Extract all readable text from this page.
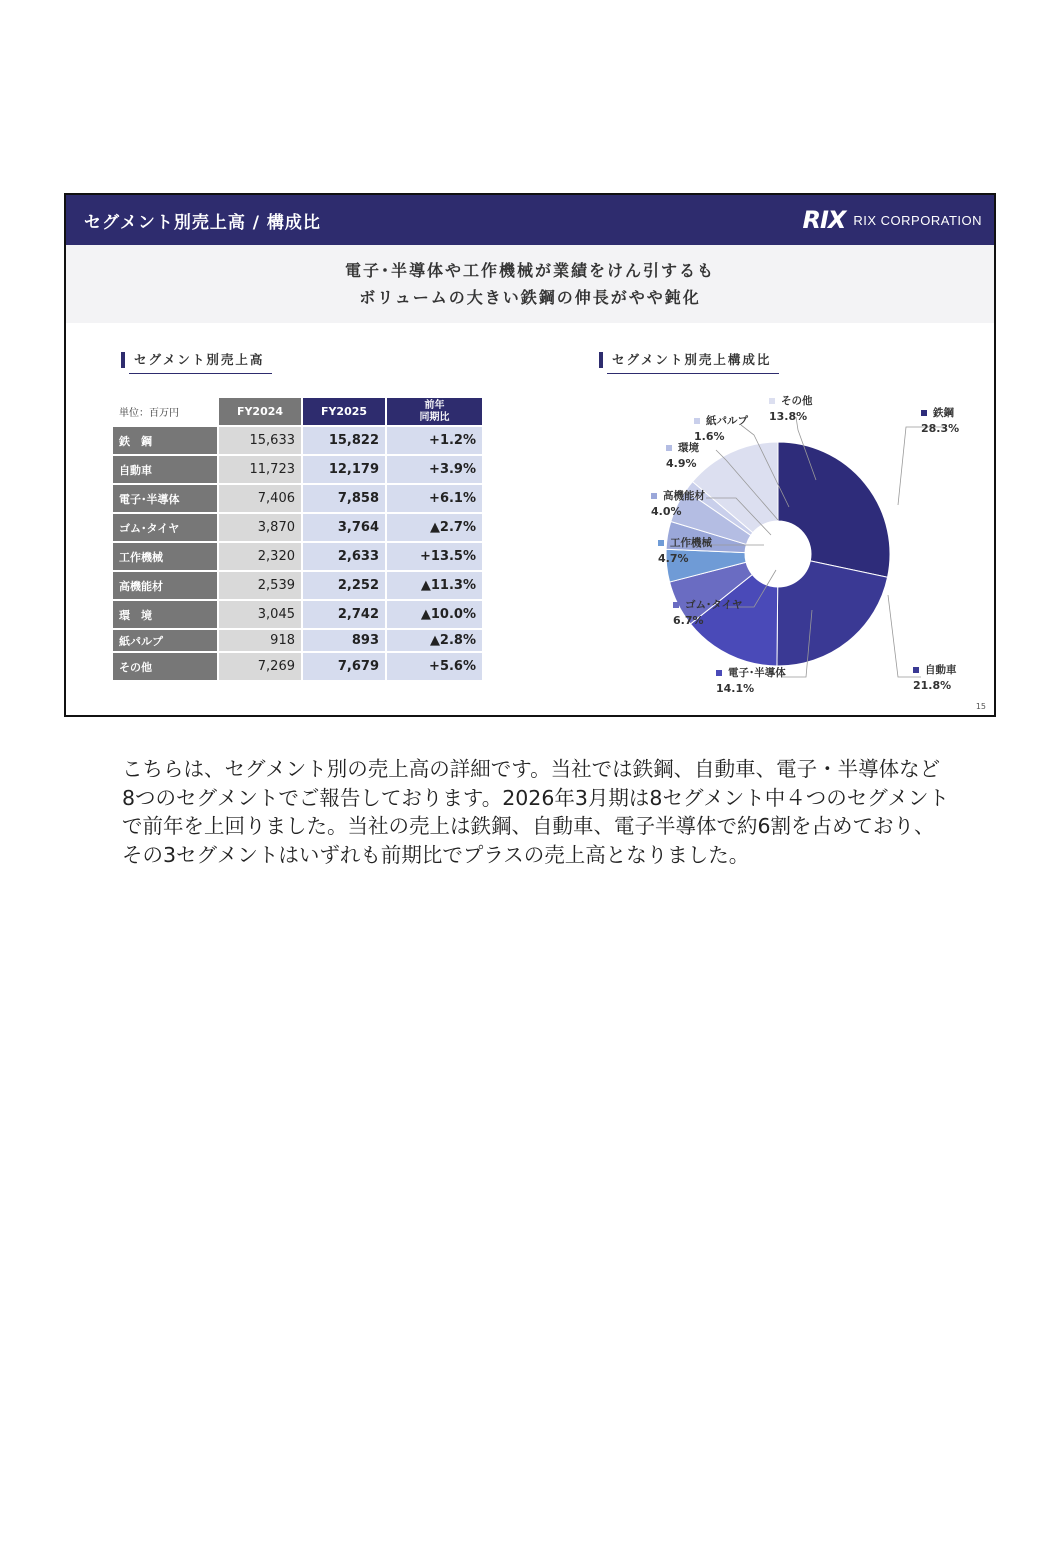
セグメント別売上高 / 構成比	RIX RIX CORPORATION
電子･半導体や工作機械が業績をけん引するも
ボリュームの大きい鉄鋼の伸長がやや鈍化
セグメント別売上高	セグメント別売上構成比
単位：百万円	FY2024	FY2025	前年
同期比
鉄　鋼	15,633	15,822	+1.2%
自動車	11,723	12,179	+3.9%
電子･半導体	7,406	7,858	+6.1%
ゴム･タイヤ	3,870	3,764	▲2.7%
工作機械	2,320	2,633	+13.5%
高機能材	2,539	2,252	▲11.3%
環　境	3,045	2,742	▲10.0%
紙パルプ	918	893	▲2.8%
その他	7,269	7,679	+5.6%
鉄鋼
28.3%
自動車
21.8%
電子･半導体
14.1%
ゴム･タイヤ
6.7%
工作機械
4.7%
高機能材
4.0%
環境
4.9%
紙パルプ
1.6%
その他
13.8%
15
こちらは、セグメント別の売上高の詳細です。当社では鉄鋼、自動車、電子・半導体など8つのセグメントでご報告しております。2026年3月期は8セグメント中４つのセグメントで前年を上回りました。当社の売上は鉄鋼、自動車、電子半導体で約6割を占めており、その3セグメントはいずれも前期比でプラスの売上高となりました。
